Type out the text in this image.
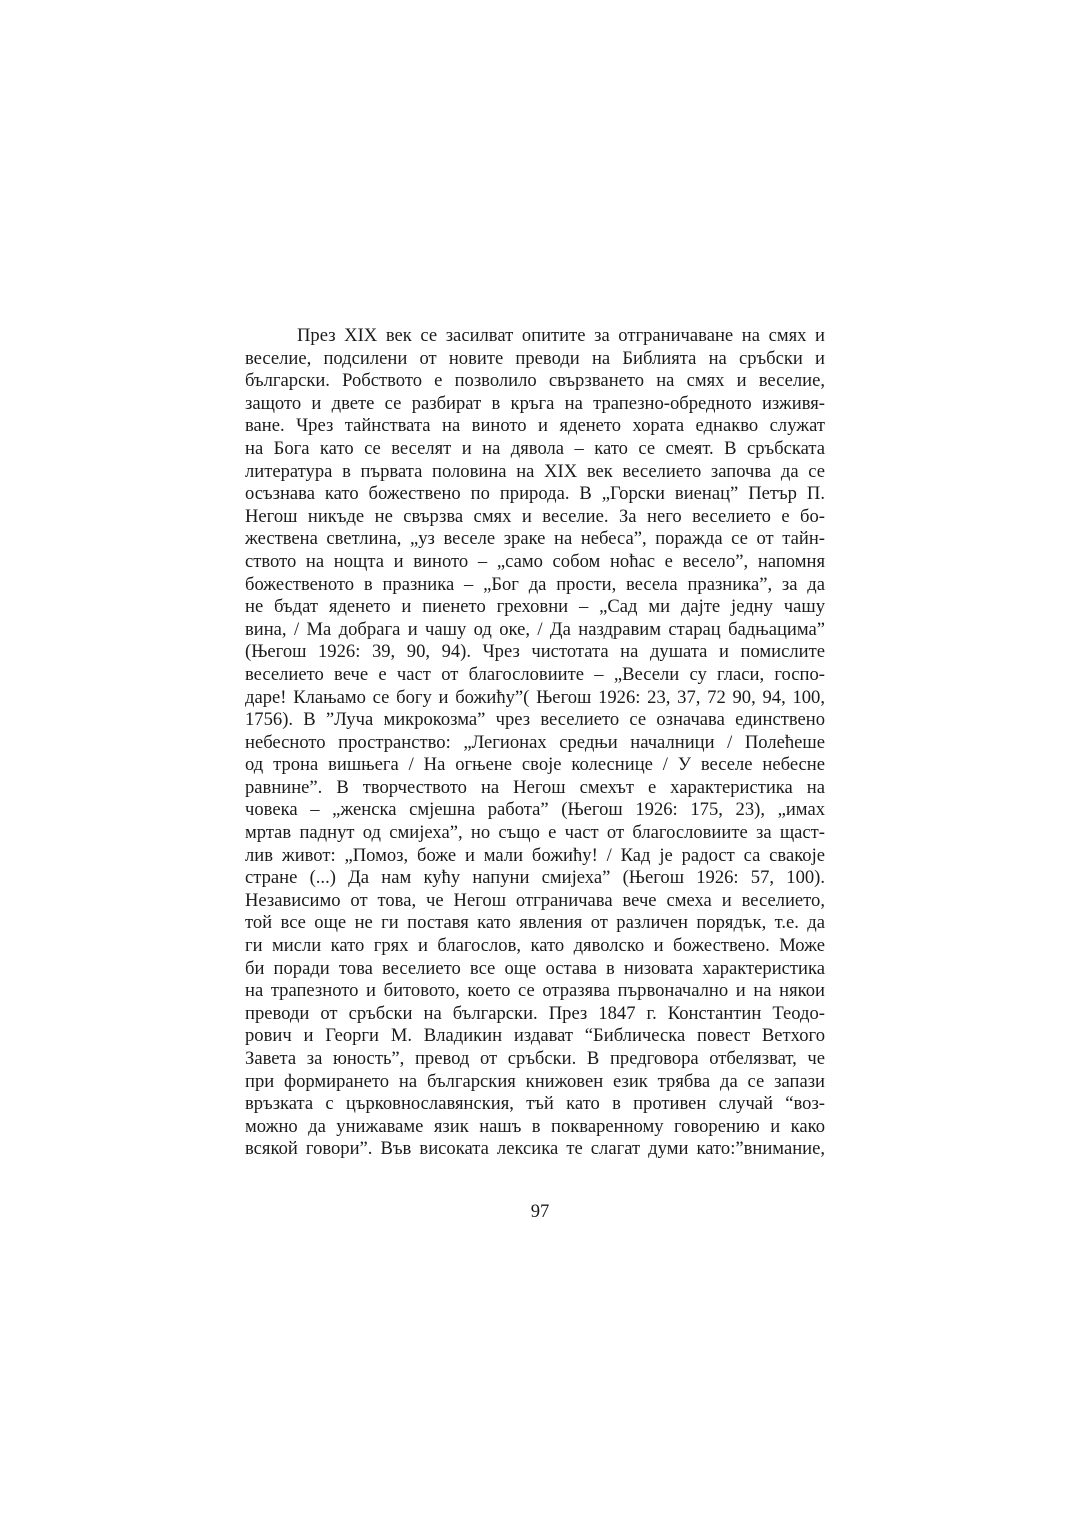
През XIX век се засилват опитите за отграничаване на смях и
веселие, подсилени от новите преводи на Библията на сръбски и
български. Робството е позволило свързването на смях и веселие,
защото и двете се разбират в кръга на трапезно-обредното изживя-
ване. Чрез тайнствата на виното и яденето хората еднакво служат
на Бога като се веселят и на дявола – като се смеят. В сръбската
литература в първата половина на XIX век веселието започва да се
осъзнава като божествено по природа. В „Горски виенац” Петър П.
Негош никъде не свързва смях и веселие. За него веселието е бо-
жествена светлина, „уз веселе зраке на небеса”, поражда се от тайн-
ството на нощта и виното – „само собом ноћас е весело”, напомня
божественото в празника – „Бог да прости, весела празника”, за да
не бъдат яденето и пиенето греховни – „Сад ми дајте једну чашу
вина, / Ма добрага и чашу од оке, / Да наздравим старац бадњацима”
(Његош 1926: 39, 90, 94). Чрез чистотата на душата и помислите
веселието вече е част от благословиите – „Весели су гласи, госпо-
даре! Клањамо се богу и божићу”( Његош 1926: 23, 37, 72 90, 94, 100,
1756). В ”Луча микрокозма” чрез веселието се означава единствено
небесното пространство: „Легионах средњи началници / Полећеше
од трона вишњега / На огњене своје колеснице / У веселе небесне
равнине”. В творчеството на Негош смехът е характеристика на
човека – „женска смјешна работа” (Његош 1926: 175, 23), „имах
мртав паднут од смијеха”, но също е част от благословиите за щаст-
лив живот: „Помоз, боже и мали божићу! / Кад је радост са свакоје
стране (...) Да нам кућу напуни смијеха” (Његош 1926: 57, 100).
Независимо от това, че Негош отграничава вече смеха и веселието,
той все още не ги поставя като явления от различен порядък, т.е. да
ги мисли като грях и благослов, като дяволско и божествено. Може
би поради това веселието все още остава в низовата характеристика
на трапезното и битовото, което се отразява първоначално и на някои
преводи от сръбски на български. През 1847 г. Константин Теодо-
рович и Георги М. Владикин издават “Библическа повест Ветхого
Завета за юность”, превод от сръбски. В предговора отбелязват, че
при формирането на българския книжовен език трябва да се запази
връзката с църковнославянския, тъй като в противен случай “воз-
можно да унижаваме язик нашъ в покваренному говорению и како
всякой говори”. Във високата лексика те слагат думи като:”внимание,
97
